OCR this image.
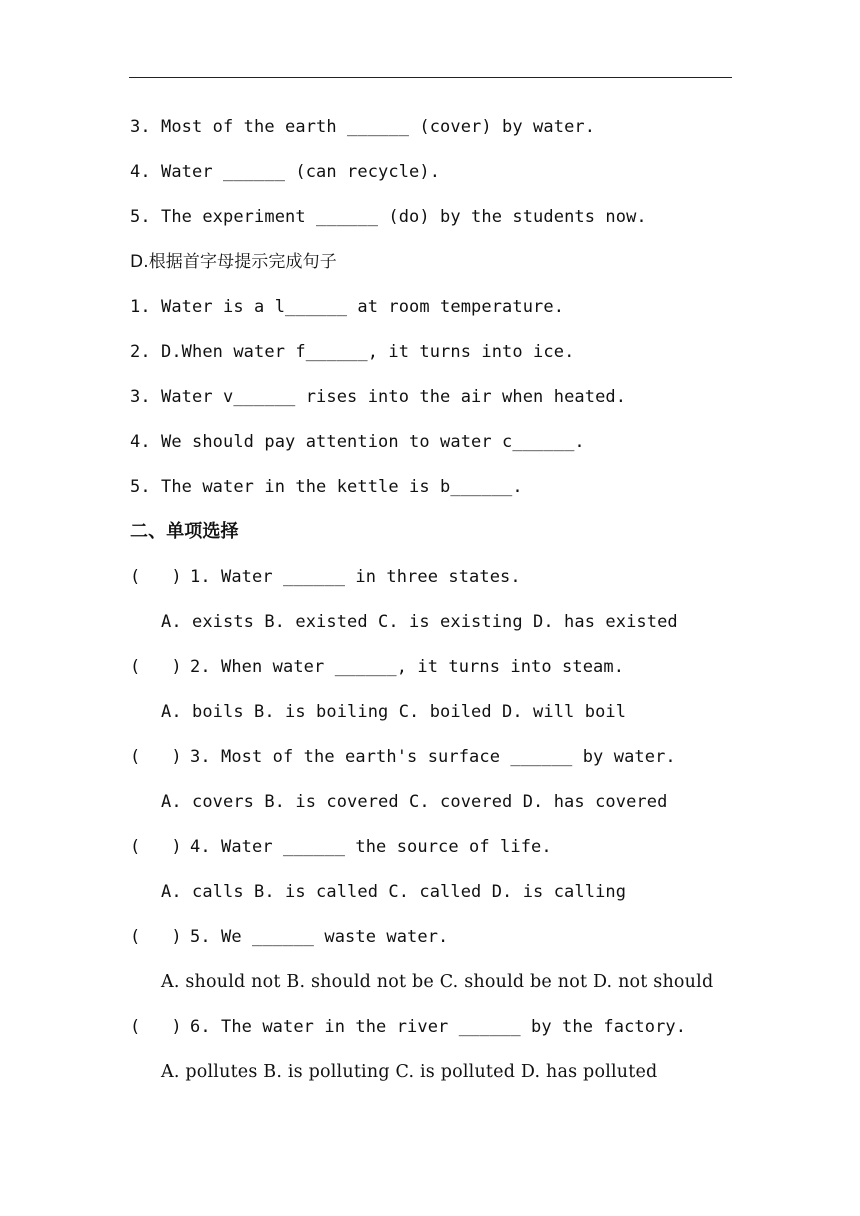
3. Most of the earth ______ (cover) by water.
4. Water ______ (can recycle).
5. The experiment ______ (do) by the students now.
D.根据首字母提示完成句子
1. Water is a l______ at room temperature.
2. D.When water f______, it turns into ice.
3. Water v______ rises into the air when heated.
4. We should pay attention to water c______.
5. The water in the kettle is b______.
二、单项选择
(   ) 1. Water ______ in three states.
A. exists B. existed C. is existing D. has existed
(   ) 2. When water ______, it turns into steam.
A. boils B. is boiling C. boiled D. will boil
(   ) 3. Most of the earth's surface ______ by water.
A. covers B. is covered C. covered D. has covered
(   ) 4. Water ______ the source of life.
A. calls B. is called C. called D. is calling
(   ) 5. We ______ waste water.
A. should not B. should not be C. should be not D. not should
(   ) 6. The water in the river ______ by the factory.
A. pollutes B. is polluting C. is polluted D. has polluted
